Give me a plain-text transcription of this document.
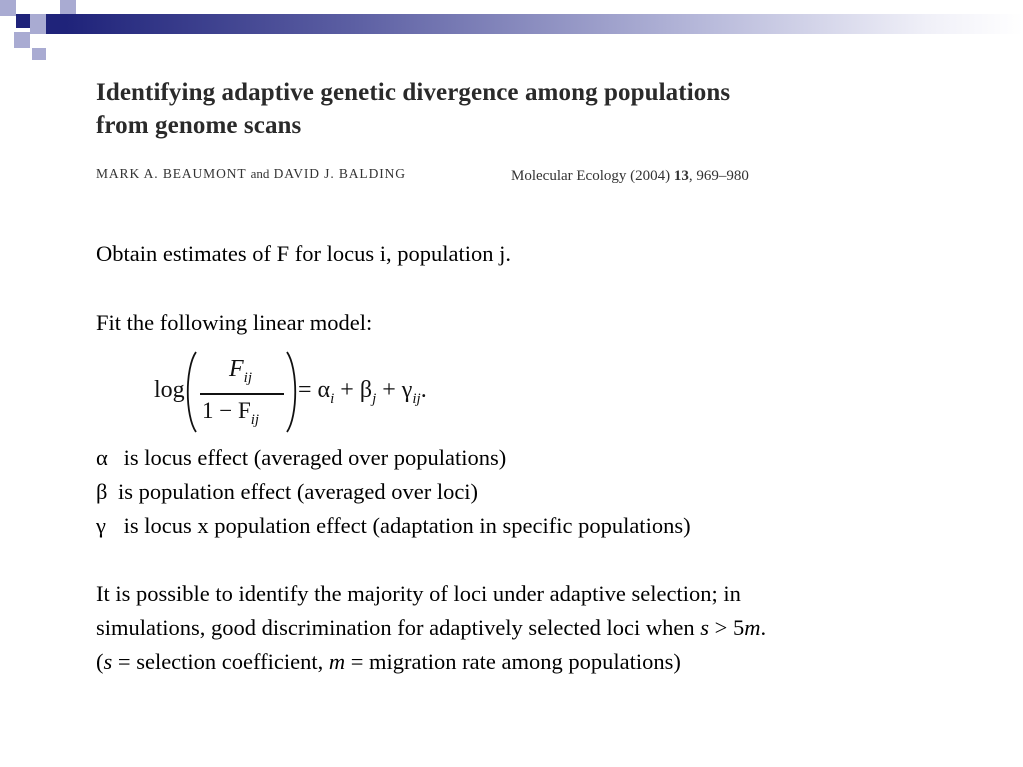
Identifying adaptive genetic divergence among populations
from genome scans
MARK A. BEAUMONT and DAVID J. BALDING	Molecular Ecology (2004) 13, 969–980
Obtain estimates of F for locus i, population j.
Fit the following linear model:
log
$F_{ij}$
$1 - F_{ij}$
= $\alpha_i + \beta_j + \gamma_{ij}$.
α is locus effect (averaged over populations)
β is population effect (averaged over loci)
γ is locus x population effect (adaptation in specific populations)
It is possible to identify the majority of loci under adaptive selection; in
simulations, good discrimination for adaptively selected loci when s > 5m.
(s = selection coefficient, m = migration rate among populations)
